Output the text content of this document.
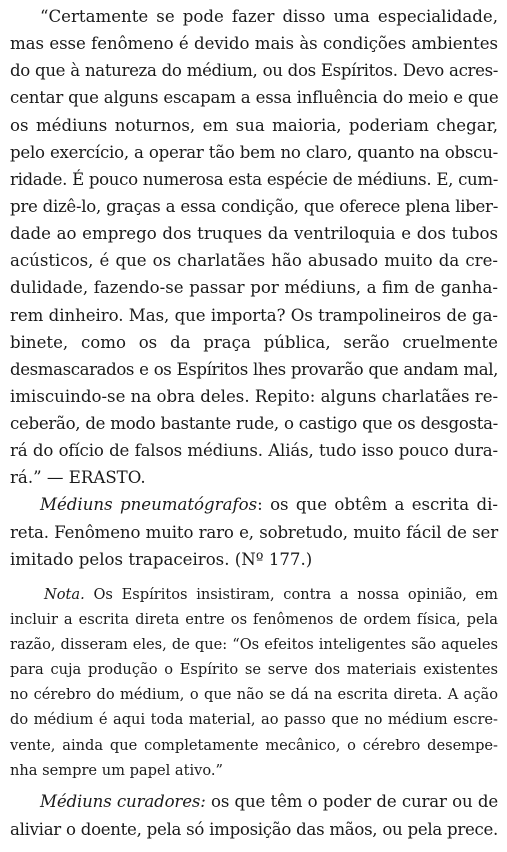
“Certamente se pode fazer disso uma especialidade,
mas esse fenômeno é devido mais às condições ambientes
do que à natureza do médium, ou dos Espíritos. Devo acres-
centar que alguns escapam a essa influência do meio e que
os médiuns noturnos, em sua maioria, poderiam chegar,
pelo exercício, a operar tão bem no claro, quanto na obscu-
ridade. É pouco numerosa esta espécie de médiuns. E, cum-
pre dizê-lo, graças a essa condição, que oferece plena liber-
dade ao emprego dos truques da ventriloquia e dos tubos
acústicos, é que os charlatães hão abusado muito da cre-
dulidade, fazendo-se passar por médiuns, a fim de ganha-
rem dinheiro. Mas, que importa? Os trampolineiros de ga-
binete, como os da praça pública, serão cruelmente
desmascarados e os Espíritos lhes provarão que andam mal,
imiscuindo-se na obra deles. Repito: alguns charlatães re-
ceberão, de modo bastante rude, o castigo que os desgosta-
rá do ofício de falsos médiuns. Aliás, tudo isso pouco dura-
rá.” — ERASTO.
Médiuns pneumatógrafos: os que obtêm a escrita di-
reta. Fenômeno muito raro e, sobretudo, muito fácil de ser
imitado pelos trapaceiros. (Nº 177.)
Nota. Os Espíritos insistiram, contra a nossa opinião, em
incluir a escrita direta entre os fenômenos de ordem física, pela
razão, disseram eles, de que: “Os efeitos inteligentes são aqueles
para cuja produção o Espírito se serve dos materiais existentes
no cérebro do médium, o que não se dá na escrita direta. A ação
do médium é aqui toda material, ao passo que no médium escre-
vente, ainda que completamente mecânico, o cérebro desempe-
nha sempre um papel ativo.”
Médiuns curadores: os que têm o poder de curar ou de
aliviar o doente, pela só imposição das mãos, ou pela prece.
